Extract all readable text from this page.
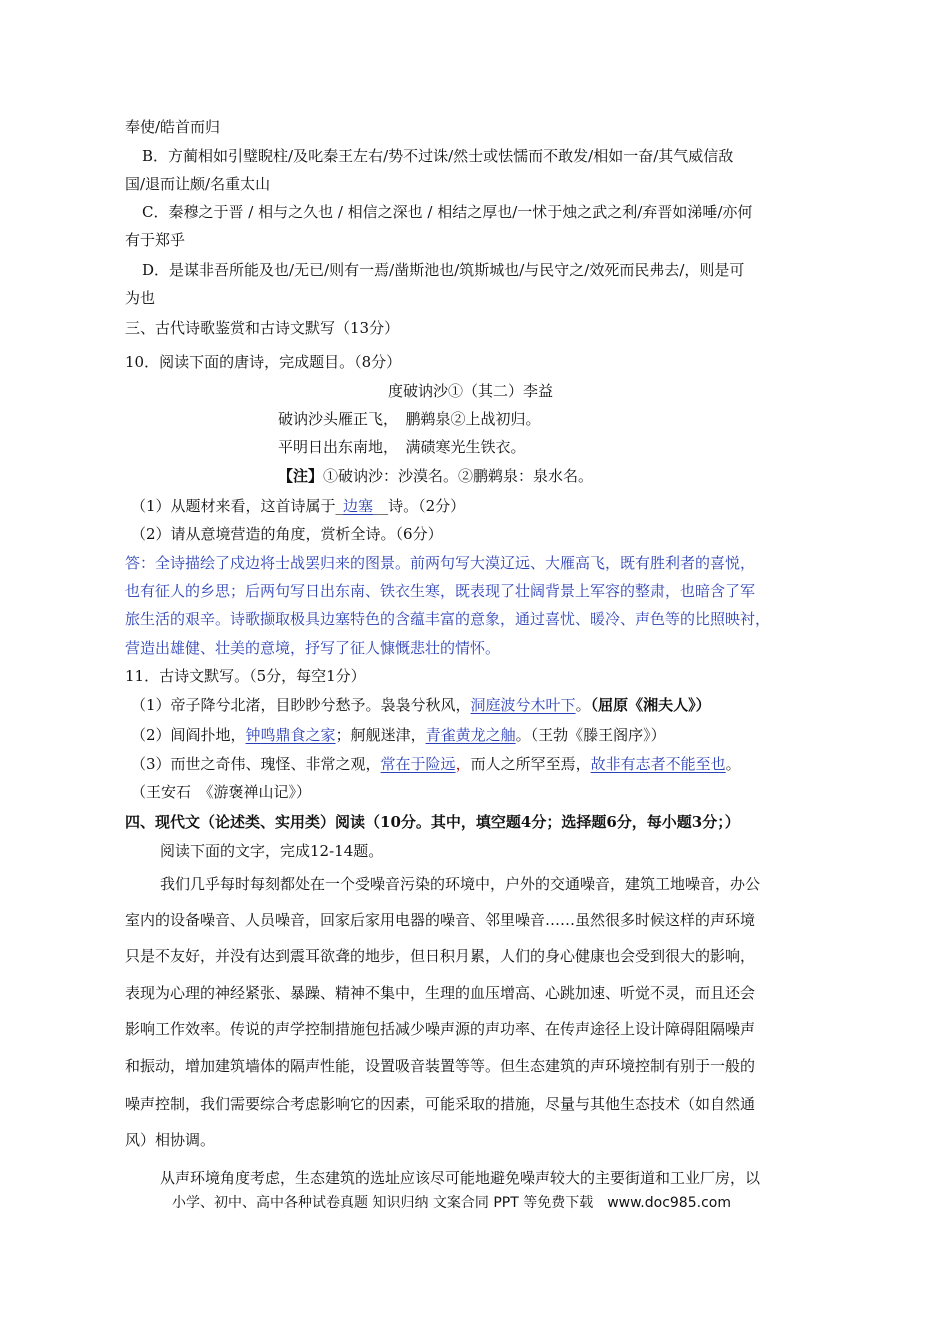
奉使/皓首而归
B．方蔺相如引璧睨柱/及叱秦王左右/势不过诛/然士或怯懦而不敢发/相如一奋/其气威信敌
国/退而让颇/名重太山
C．秦穆之于晋 / 相与之久也 / 相信之深也 / 相结之厚也/一怵于烛之武之利/弃晋如涕唾/亦何
有于郑乎
D．是谋非吾所能及也/无已/则有一焉/凿斯池也/筑斯城也/与民守之/效死而民弗去/，则是可
为也
三、古代诗歌鉴赏和古诗文默写（13分）
10．阅读下面的唐诗，完成题目。（8分）
度破讷沙①（其二）李益
破讷沙头雁正飞，　鹏鹈泉②上战初归。
平明日出东南地，　满碛寒光生铁衣。
【注】①破讷沙：沙漠名。②鹏鹈泉：泉水名。
（1）从题材来看，这首诗属于_边塞__诗。（2分）
（2）请从意境营造的角度，赏析全诗。（6分）
答：全诗描绘了戍边将士战罢归来的图景。前两句写大漠辽远、大雁高飞，既有胜利者的喜悦，
也有征人的乡思；后两句写日出东南、铁衣生寒，既表现了壮阔背景上军容的整肃，也暗含了军
旅生活的艰辛。诗歌撷取极具边塞特色的含蕴丰富的意象，通过喜忧、暖冷、声色等的比照映衬，
营造出雄健、壮美的意境，抒写了征人慷慨悲壮的情怀。
11．古诗文默写。（5分，每空1分）
（1）帝子降兮北渚，目眇眇兮愁予。袅袅兮秋风，洞庭波兮木叶下。（屈原《湘夫人》）
（2）闾阎扑地，钟鸣鼎食之家；舸舰迷津，青雀黄龙之舳。（王勃《滕王阁序》）
（3）而世之奇伟、瑰怪、非常之观，常在于险远，而人之所罕至焉，故非有志者不能至也。
（王安石　《游褒禅山记》）
四、现代文（论述类、实用类）阅读（10分。其中，填空题4分；选择题6分，每小题3分；）
阅读下面的文字，完成12-14题。
我们几乎每时每刻都处在一个受噪音污染的环境中，户外的交通噪音，建筑工地噪音，办公
室内的设备噪音、人员噪音，回家后家用电器的噪音、邻里噪音……虽然很多时候这样的声环境
只是不友好，并没有达到震耳欲聋的地步，但日积月累，人们的身心健康也会受到很大的影响，
表现为心理的神经紧张、暴躁、精神不集中，生理的血压增高、心跳加速、听觉不灵，而且还会
影响工作效率。传说的声学控制措施包括减少噪声源的声功率、在传声途径上设计障碍阻隔噪声
和振动，增加建筑墙体的隔声性能，设置吸音装置等等。但生态建筑的声环境控制有别于一般的
噪声控制，我们需要综合考虑影响它的因素，可能采取的措施，尽量与其他生态技术（如自然通
风）相协调。
从声环境角度考虑，生态建筑的选址应该尽可能地避免噪声较大的主要街道和工业厂房，以
小学、初中、高中各种试卷真题 知识归纳 文案合同 PPT 等免费下载　www.doc985.com
